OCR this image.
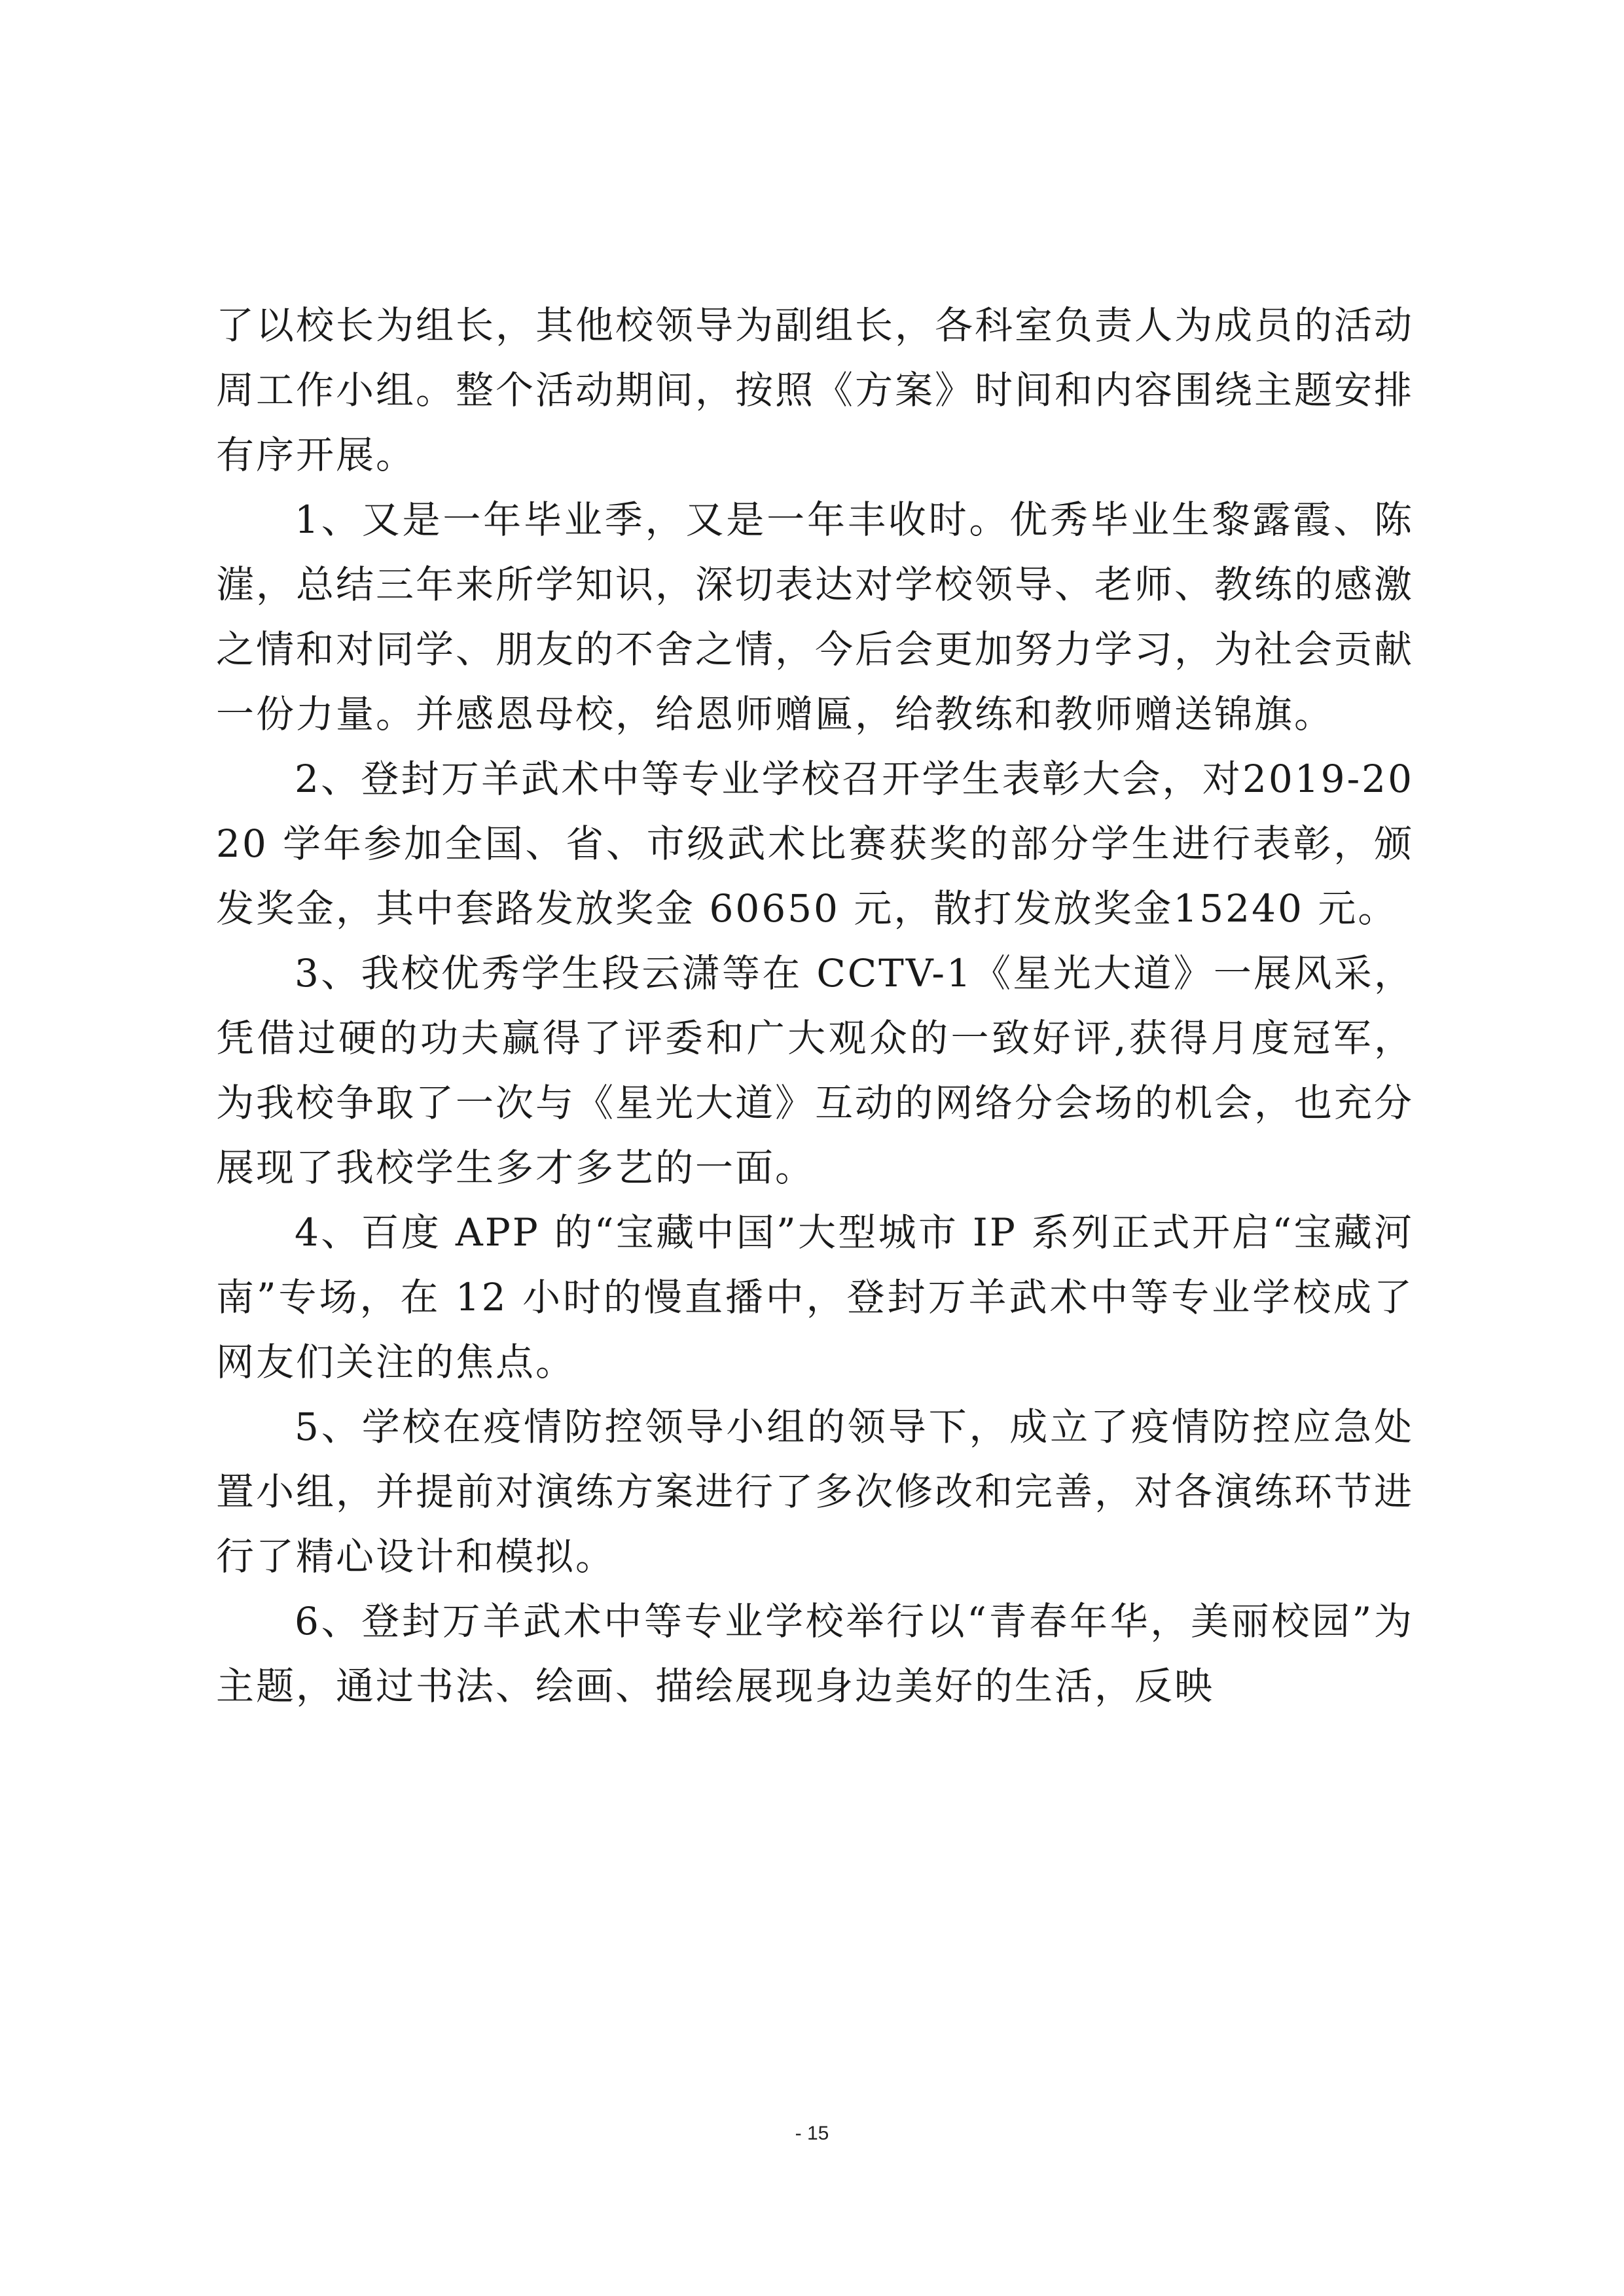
了以校长为组长，其他校领导为副组长，各科室负责人为成员的活动周工作小组。整个活动期间，按照《方案》时间和内容围绕主题安排有序开展。

1、又是一年毕业季，又是一年丰收时。优秀毕业生黎露霞、陈漄，总结三年来所学知识，深切表达对学校领导、老师、教练的感激之情和对同学、朋友的不舍之情，今后会更加努力学习，为社会贡献一份力量。并感恩母校，给恩师赠匾，给教练和教师赠送锦旗。

2、登封万羊武术中等专业学校召开学生表彰大会，对2019-2020 学年参加全国、省、市级武术比赛获奖的部分学生进行表彰，颁发奖金，其中套路发放奖金 60650 元，散打发放奖金15240 元。

3、我校优秀学生段云潇等在 CCTV-1《星光大道》一展风采，凭借过硬的功夫赢得了评委和广大观众的一致好评,获得月度冠军，为我校争取了一次与《星光大道》互动的网络分会场的机会，也充分展现了我校学生多才多艺的一面。

4、百度 APP 的“宝藏中国”大型城市 IP 系列正式开启“宝藏河南”专场，在 12 小时的慢直播中，登封万羊武术中等专业学校成了网友们关注的焦点。

5、学校在疫情防控领导小组的领导下，成立了疫情防控应急处置小组，并提前对演练方案进行了多次修改和完善，对各演练环节进行了精心设计和模拟。

6、登封万羊武术中等专业学校举行以“青春年华，美丽校园”为主题，通过书法、绘画、描绘展现身边美好的生活，反映

- 15
